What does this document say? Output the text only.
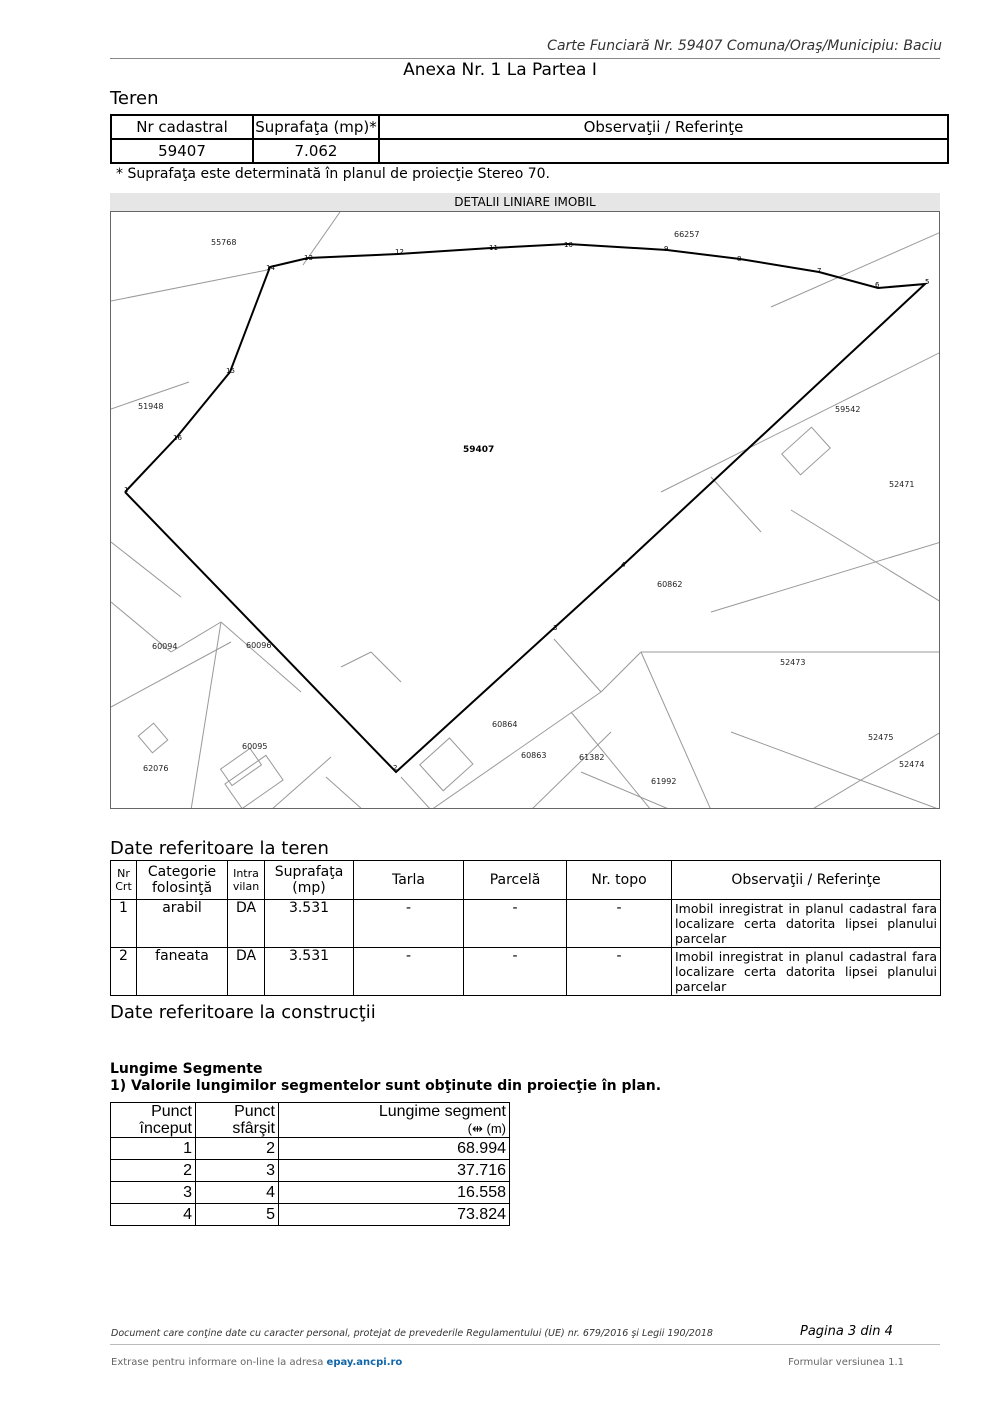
Carte Funciară Nr. 59407 Comuna/Oraş/Municipiu: Baciu
Anexa Nr. 1 La Partea I
Teren
Nr cadastral	Suprafaţa (mp)*	Observaţii / Referinţe
59407	7.062	
* Suprafaţa este determinată în planul de proiecţie Stereo 70.
DETALII LINIARE IMOBIL
59407
55768
66257
51948	59542
52471
60862
60094	60096
52473
60864
52475
60863	61382
60095
62076	52474
61992
1
2
3
4
5
6
7
8
9
10
11
12
13
14
15
16
Date referitoare la teren
Nr Crt	Categorie folosinţă	Intra vilan	Suprafaţa (mp)	Tarla	Parcelă	Nr. topo	Observaţii / Referinţe
1	arabil	DA	3.531	-	-	-	Imobil inregistrat in planul cadastral fara localizare certa datorita lipsei planului parcelar
2	faneata	DA	3.531	-	-	-	Imobil inregistrat in planul cadastral fara localizare certa datorita lipsei planului parcelar
Date referitoare la construcţii
Lungime Segmente
1) Valorile lungimilor segmentelor sunt obţinute din proiecţie în plan.
Punct început	Punct sfârşit	Lungime segment
(⇹ (m)

1	2	68.994
2	3	37.716
3	4	16.558
4	5	73.824
Document care conţine date cu caracter personal, protejat de prevederile Regulamentului (UE) nr. 679/2016 şi Legii 190/2018	Pagina 3 din 4
Extrase pentru informare on-line la adresa epay.ancpi.ro	Formular versiunea 1.1
